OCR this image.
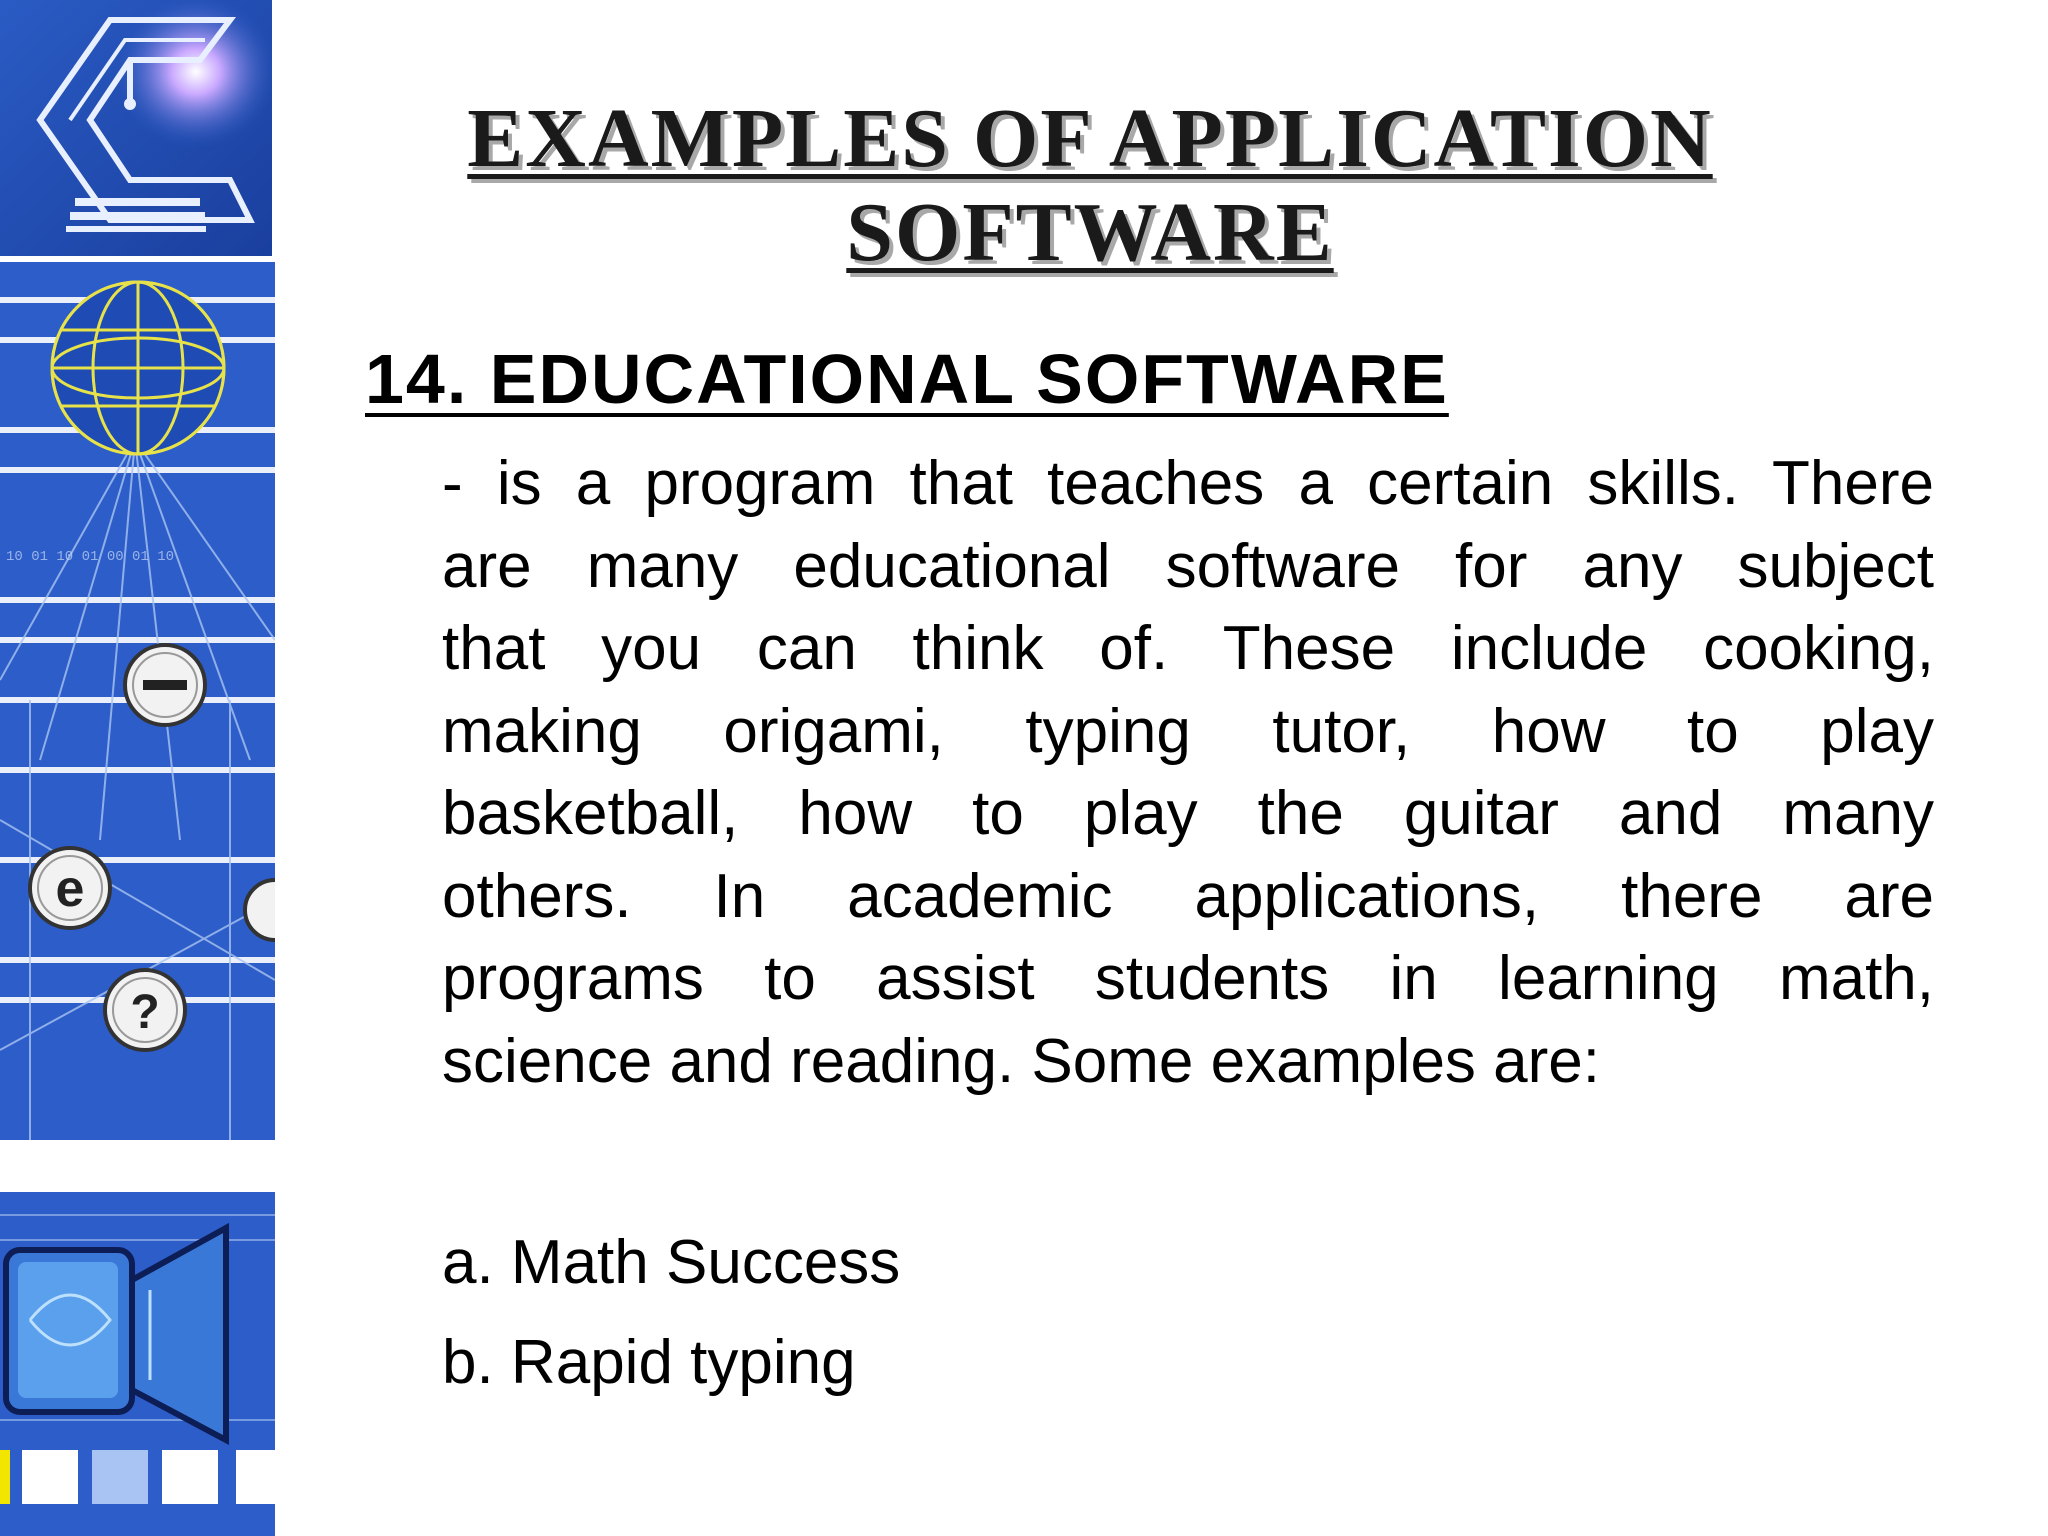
10 01 10 01 00 01 10
e
?
EXAMPLES OF APPLICATION
SOFTWARE
14. EDUCATIONAL SOFTWARE
- is a program that teaches a certain skills. There
are many educational software for any subject
that you can think of. These include cooking,
making origami, typing tutor, how to play
basketball, how to play the guitar and many
others. In academic applications, there are
programs to assist students in learning math,
science and reading. Some examples are:
a. Math Success
b. Rapid typing
